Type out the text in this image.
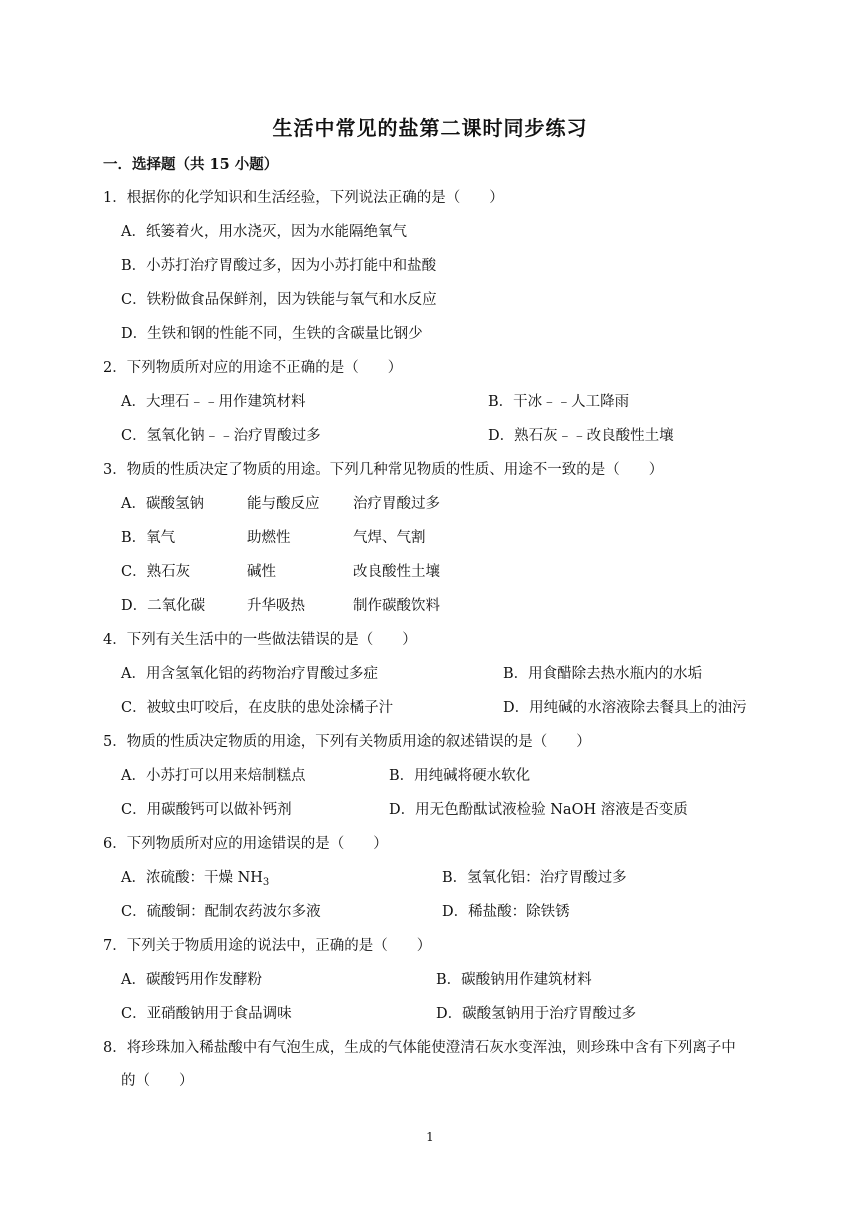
生活中常见的盐第二课时同步练习
一．选择题（共 15 小题）
1．根据你的化学知识和生活经验，下列说法正确的是（　　）
A．纸篓着火，用水浇灭，因为水能隔绝氧气
B．小苏打治疗胃酸过多，因为小苏打能中和盐酸
C．铁粉做食品保鲜剂，因为铁能与氧气和水反应
D．生铁和钢的性能不同，生铁的含碳量比钢少
2．下列物质所对应的用途不正确的是（　　）
A．大理石﹣﹣用作建筑材料	B．干冰﹣﹣人工降雨
C．氢氧化钠﹣﹣治疗胃酸过多	D．熟石灰﹣﹣改良酸性土壤
3．物质的性质决定了物质的用途。下列几种常见物质的性质、用途不一致的是（　　）
A．碳酸氢钠	能与酸反应 治疗胃酸过多
B．氧气	助燃性	气焊、气割
C．熟石灰	碱性	改良酸性土壤
D．二氧化碳	升华吸热	制作碳酸饮料
4．下列有关生活中的一些做法错误的是（　　）
A．用含氢氧化铝的药物治疗胃酸过多症	B．用食醋除去热水瓶内的水垢
C．被蚊虫叮咬后，在皮肤的患处涂橘子汁	D．用纯碱的水溶液除去餐具上的油污
5．物质的性质决定物质的用途，下列有关物质用途的叙述错误的是（　　）
A．小苏打可以用来焙制糕点	B．用纯碱将硬水软化
C．用碳酸钙可以做补钙剂	D．用无色酚酞试液检验 NaOH 溶液是否变质
6．下列物质所对应的用途错误的是（　　）
A．浓硫酸：干燥 $NH_3$	B．氢氧化铝：治疗胃酸过多
C．硫酸铜：配制农药波尔多液	D．稀盐酸：除铁锈
7．下列关于物质用途的说法中，正确的是（　　）
A．碳酸钙用作发酵粉	B．碳酸钠用作建筑材料
C．亚硝酸钠用于食品调味	D．碳酸氢钠用于治疗胃酸过多
8．将珍珠加入稀盐酸中有气泡生成，生成的气体能使澄清石灰水变浑浊，则珍珠中含有下列离子中
的（　　）
1
